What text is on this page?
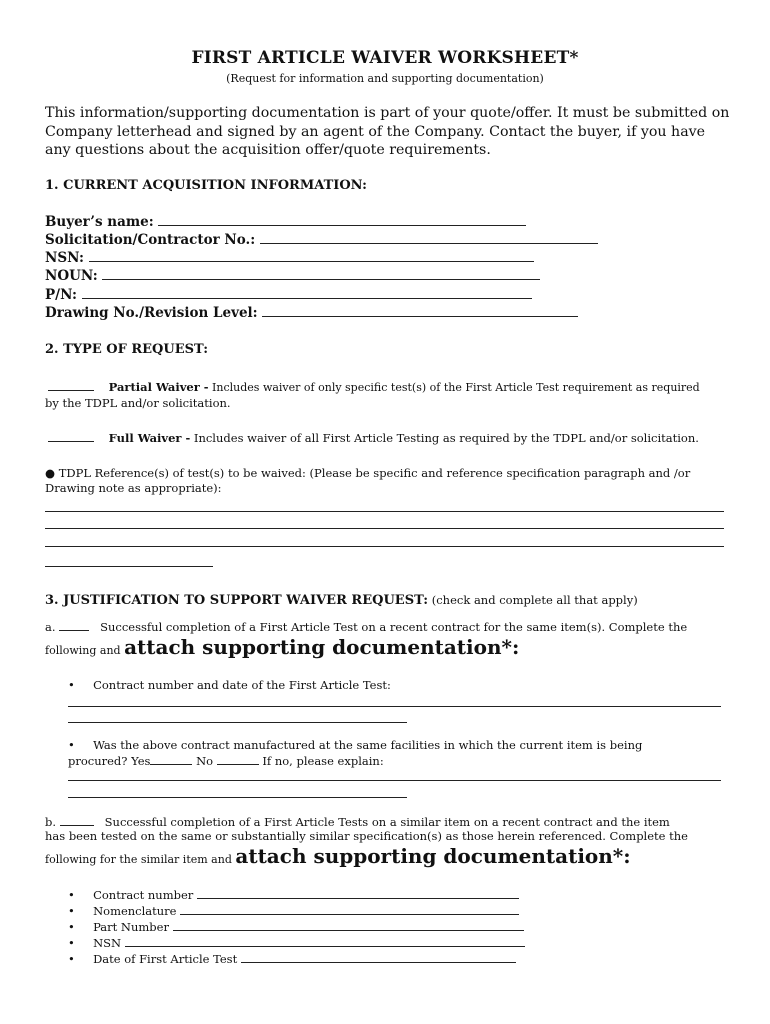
FIRST ARTICLE WAIVER WORKSHEET*
(Request for information and supporting documentation)
This information/supporting documentation is part of your quote/offer. It must be submitted on Company letterhead and signed by an agent of the Company. Contact the buyer, if you have any questions about the acquisition offer/quote requirements.
1. CURRENT ACQUISITION INFORMATION:
Buyer’s name:
Solicitation/Contractor No.:
NSN:
NOUN:
P/N:
Drawing No./Revision Level:
2. TYPE OF REQUEST:
Partial Waiver - Includes waiver of only specific test(s) of the First Article Test requirement as required
by the TDPL and/or solicitation.
Full Waiver - Includes waiver of all First Article Testing as required by the TDPL and/or solicitation.
● TDPL Reference(s) of test(s) to be waived: (Please be specific and reference specification paragraph and /or
Drawing note as appropriate):
3. JUSTIFICATION TO SUPPORT WAIVER REQUEST: (check and complete all that apply)
a.	Successful completion of a First Article Test on a recent contract for the same item(s). Complete the
following and attach supporting documentation*:
• Contract number and date of the First Article Test:
• Was the above contract manufactured at the same facilities in which the current item is being
procured? Yes	No	If no, please explain:
b.	Successful completion of a First Article Tests on a similar item on a recent contract and the item
has been tested on the same or substantially similar specification(s) as those herein referenced. Complete the
following for the similar item and attach supporting documentation*:
• Contract number
• Nomenclature
• Part Number
• NSN
• Date of First Article Test
